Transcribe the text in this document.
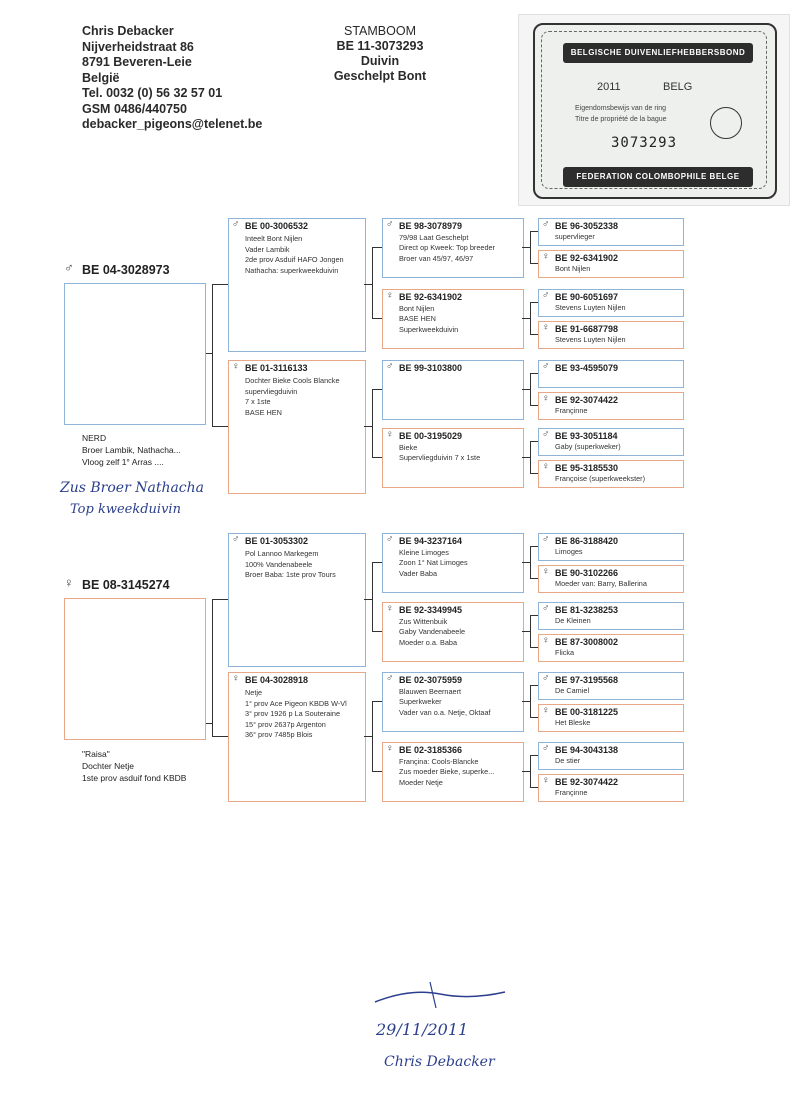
Chris Debacker
Nijverheidstraat 86
8791 Beveren-Leie
België
Tel. 0032 (0) 56 32 57 01
GSM 0486/440750
debacker_pigeons@telenet.be
STAMBOOM
BE 11-3073293
Duivin
Geschelpt Bont
BELGISCHE DUIVENLIEFHEBBERSBOND
2011	BELG
Eigendomsbewijs van de ring
Titre de propriété de la bague
3073293
FEDERATION COLOMBOPHILE BELGE
♂ BE 00-3006532
Inteelt Bont Nijlen
Vader Lambik
2de prov Asduif HAFO Jongen
Nathacha: superkweekduivin
♀ BE 01-3116133
Dochter Bieke Cools Blancke
supervliegduivin
7 x 1ste
BASE HEN
♂ BE 01-3053302
Pol Lannoo Markegem
100% Vandenabeele
Broer Baba: 1ste prov Tours
♀ BE 04-3028918
Netje
1° prov Ace Pigeon KBDB W-Vl
3° prov 1926 p La Souteraine
15° prov 2637p Argenton
36° prov 7485p Blois
♂ BE 98-3078979
79/98 Laat Geschelpt
Direct op Kweek: Top breeder
Broer van 45/97, 46/97
♀ BE 92-6341902
Bont Nijlen
BASE HEN
Superkweekduivin
♂ BE 99-3103800
♀ BE 00-3195029
Bieke
Supervliegduivin 7 x 1ste
♂ BE 94-3237164
Kleine Limoges
Zoon 1° Nat Limoges
Vader Baba
♀ BE 92-3349945
Zus Wittenbuik
Gaby Vandenabeele
Moeder o.a. Baba
♂ BE 02-3075959
Blauwen Beernaert
Superkweker
Vader van o.a. Netje, Oktaaf
♀ BE 02-3185366
Françina: Cools-Blancke
Zus moeder Bieke, superke...
Moeder Netje
♂ BE 96-3052338
supervlieger
♀ BE 92-6341902
Bont Nijlen
♂ BE 90-6051697
Stevens Luyten Nijlen
♀ BE 91-6687798
Stevens Luyten Nijlen
♂ BE 93-4595079
♀ BE 92-3074422
Françinne
♂ BE 93-3051184
Gaby (superkweker)
♀ BE 95-3185530
Françoise (superkweekster)
♂ BE 86-3188420
Limoges
♀ BE 90-3102266
Moeder van: Barry, Ballerina
♂ BE 81-3238253
De Kleinen
♀ BE 87-3008002
Flicka
♂ BE 97-3195568
De Camiel
♀ BE 00-3181225
Het Bleske
♂ BE 94-3043138
De stier
♀ BE 92-3074422
Françinne
♂ BE 04-3028973
NERD
Broer Lambik, Nathacha...
Vloog zelf 1° Arras ....
Zus Broer Nathacha
Top kweekduivin
♀ BE 08-3145274
"Raisa"
Dochter Netje
1ste prov asduif fond KBDB
29/11/2011
Chris Debacker
